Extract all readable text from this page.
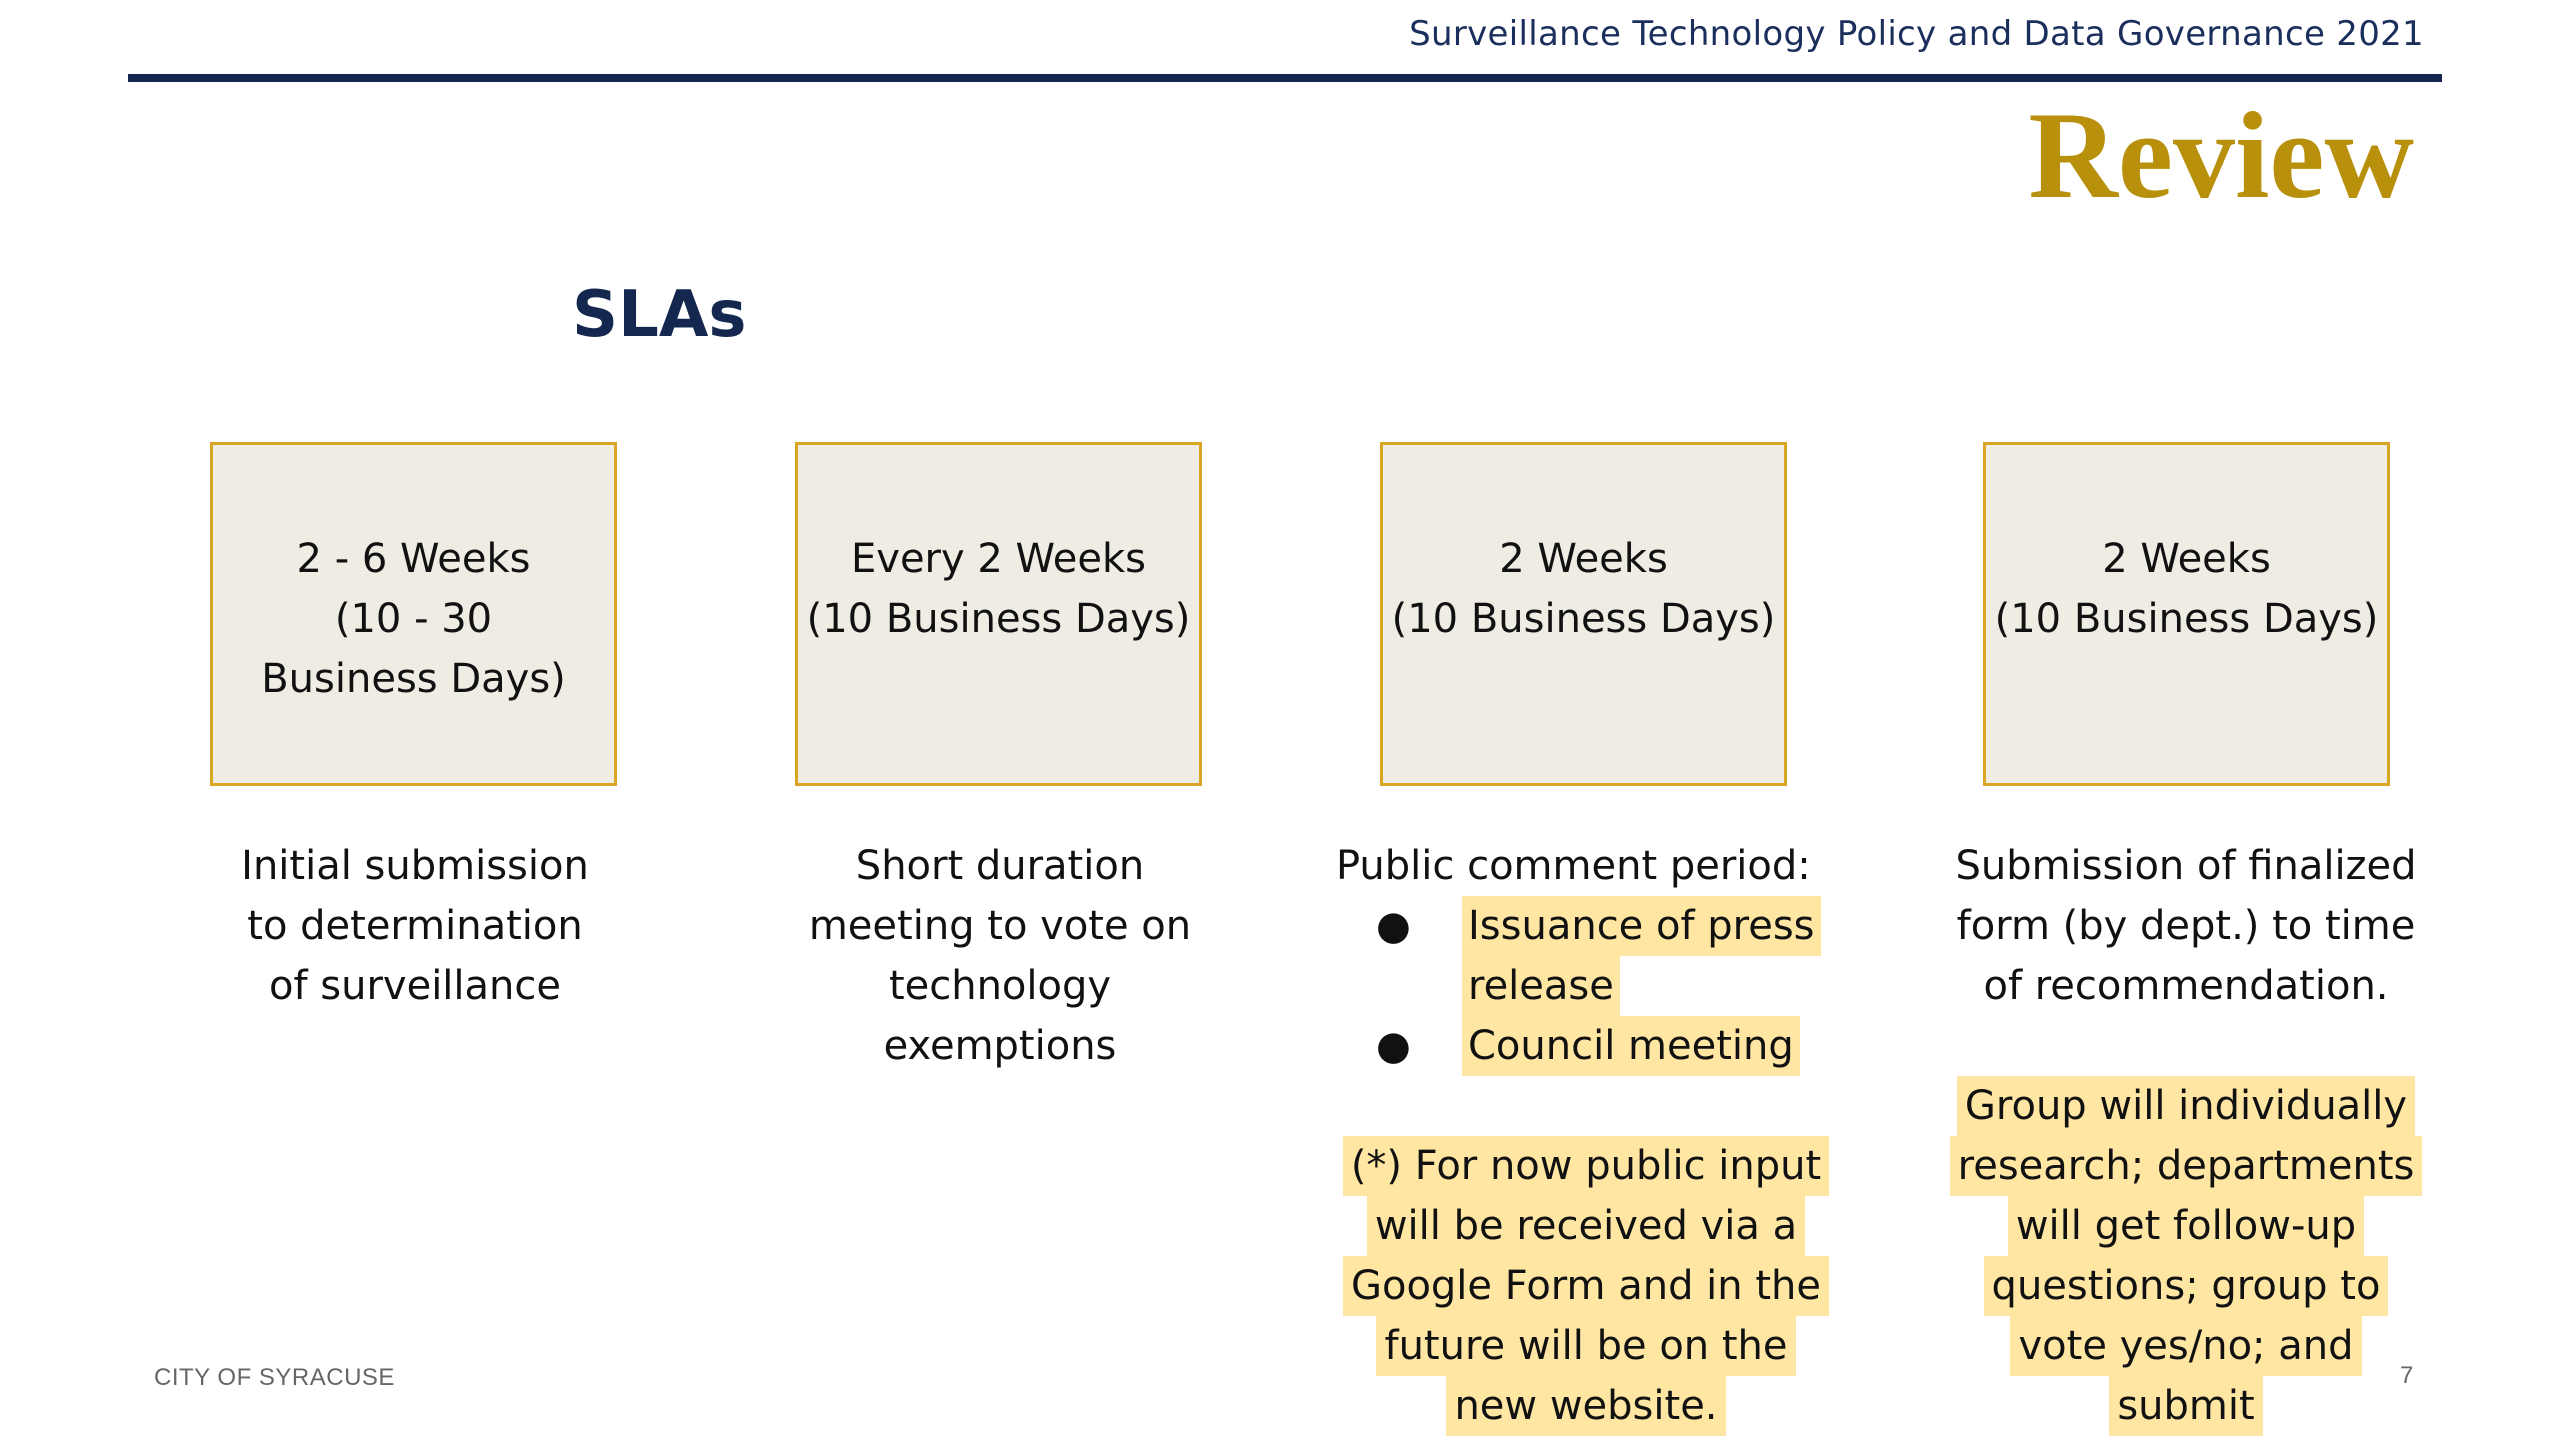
Surveillance Technology Policy and Data Governance 2021
Review
SLAs
2 - 6 Weeks
(10 - 30
Business Days)
Every 2 Weeks
(10 Business Days)
2 Weeks
(10 Business Days)
2 Weeks
(10 Business Days)
Initial submission
to determination
of surveillance
Short duration
meeting to vote on
technology
exemptions
Public comment period:
● Issuance of press
release
● Council meeting
(*) For now public input
will be received via a
Google Form and in the
future will be on the
new website.
Submission of finalized
form (by dept.) to time
of recommendation.
Group will individually
research; departments
will get follow-up
questions; group to
vote yes/no; and
submit
CITY OF SYRACUSE	7
